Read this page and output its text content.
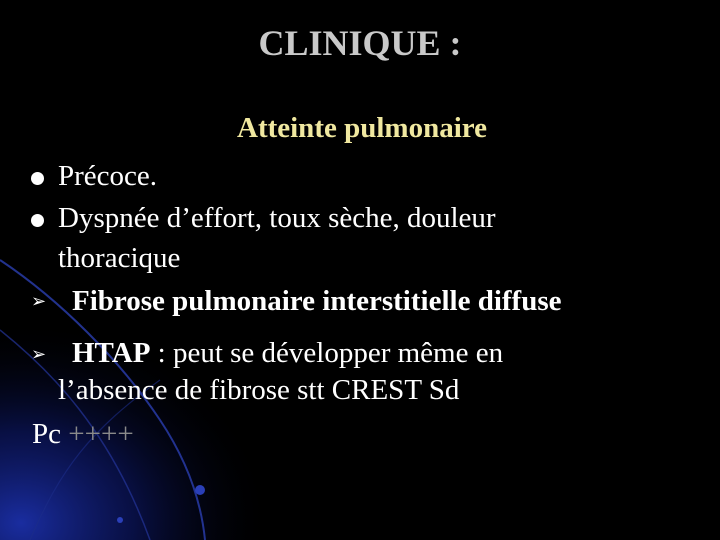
CLINIQUE :
Atteinte pulmonaire
Précoce.
Dyspnée d’effort, toux sèche, douleur
thoracique
➢ Fibrose pulmonaire interstitielle diffuse
➢ HTAP : peut se développer même en
l’absence de fibrose stt CREST Sd
Pc ++++
